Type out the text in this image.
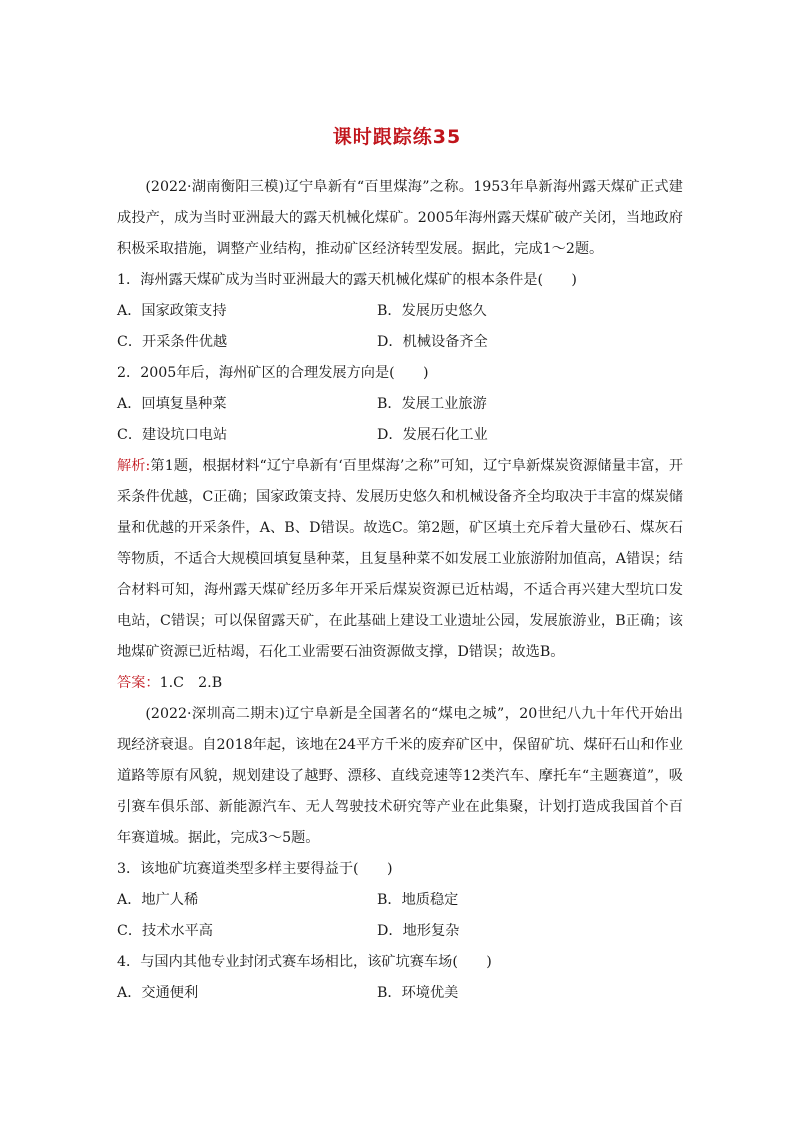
课时跟踪练35

(2022·湖南衡阳三模)辽宁阜新有“百里煤海”之称。1953年阜新海州露天煤矿正式建成投产，成为当时亚洲最大的露天机械化煤矿。2005年海州露天煤矿破产关闭，当地政府积极采取措施，调整产业结构，推动矿区经济转型发展。据此，完成1～2题。

1．海州露天煤矿成为当时亚洲最大的露天机械化煤矿的根本条件是(　　)

A．国家政策支持	B．发展历史悠久
C．开采条件优越	D．机械设备齐全

2．2005年后，海州矿区的合理发展方向是(　　)

A．回填复垦种菜	B．发展工业旅游
C．建设坑口电站	D．发展石化工业

解析:第1题，根据材料“辽宁阜新有‘百里煤海’之称”可知，辽宁阜新煤炭资源储量丰富，开采条件优越，C正确；国家政策支持、发展历史悠久和机械设备齐全均取决于丰富的煤炭储量和优越的开采条件，A、B、D错误。故选C。第2题，矿区填土充斥着大量砂石、煤灰石等物质，不适合大规模回填复垦种菜，且复垦种菜不如发展工业旅游附加值高，A错误；结合材料可知，海州露天煤矿经历多年开采后煤炭资源已近枯竭，不适合再兴建大型坑口发电站，C错误；可以保留露天矿，在此基础上建设工业遗址公园，发展旅游业，B正确；该地煤矿资源已近枯竭，石化工业需要石油资源做支撑，D错误；故选B。

答案：1.C　2.B

(2022·深圳高二期末)辽宁阜新是全国著名的“煤电之城”，20世纪八九十年代开始出现经济衰退。自2018年起，该地在24平方千米的废弃矿区中，保留矿坑、煤矸石山和作业道路等原有风貌，规划建设了越野、漂移、直线竞速等12类汽车、摩托车“主题赛道”，吸引赛车俱乐部、新能源汽车、无人驾驶技术研究等产业在此集聚，计划打造成我国首个百年赛道城。据此，完成3～5题。

3．该地矿坑赛道类型多样主要得益于(　　)

A．地广人稀	B．地质稳定
C．技术水平高	D．地形复杂

4．与国内其他专业封闭式赛车场相比，该矿坑赛车场(　　)

A．交通便利	B．环境优美
